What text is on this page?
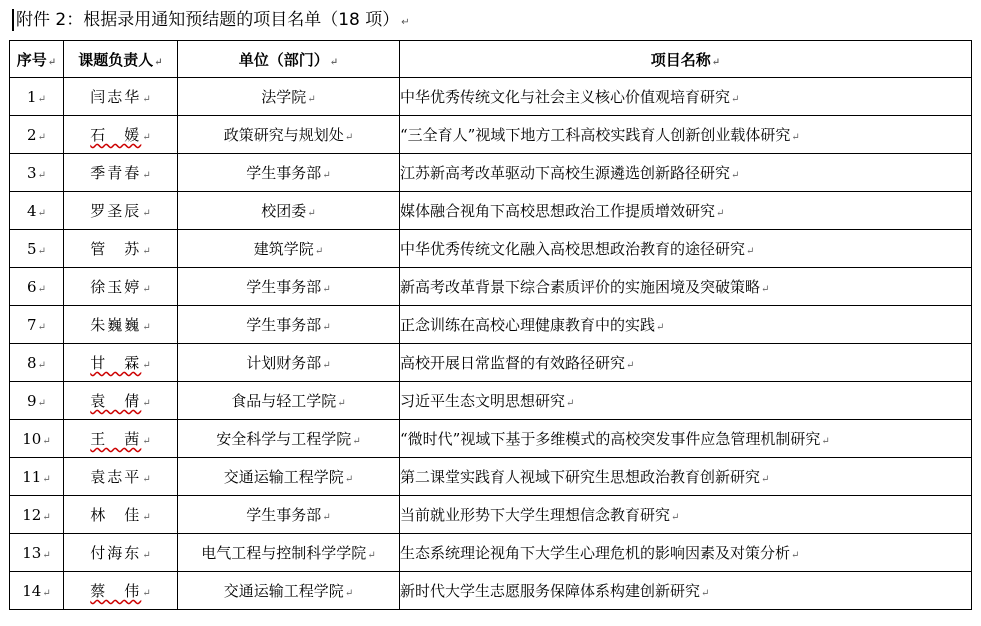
附件 2：根据录用通知预结题的项目名单（18 项） ↵
序号↵	课题负责人↵	单位（部门）↵	项目名称↵
1↵	闫志华↵	法学院↵	中华优秀传统文化与社会主义核心价值观培育研究↵
2↵	石　媛↵	政策研究与规划处↵	“三全育人”视域下地方工科高校实践育人创新创业载体研究↵
3↵	季青春↵	学生事务部↵	江苏新高考改革驱动下高校生源遴选创新路径研究↵
4↵	罗圣辰↵	校团委↵	媒体融合视角下高校思想政治工作提质增效研究↵
5↵	管　苏↵	建筑学院↵	中华优秀传统文化融入高校思想政治教育的途径研究↵
6↵	徐玉婷↵	学生事务部↵	新高考改革背景下综合素质评价的实施困境及突破策略↵
7↵	朱巍巍↵	学生事务部↵	正念训练在高校心理健康教育中的实践↵
8↵	甘　霖↵	计划财务部↵	高校开展日常监督的有效路径研究↵
9↵	袁　倩↵	食品与轻工学院↵	习近平生态文明思想研究↵
10↵	王　茜↵	安全科学与工程学院↵	“微时代”视域下基于多维模式的高校突发事件应急管理机制研究↵
11↵	袁志平↵	交通运输工程学院↵	第二课堂实践育人视域下研究生思想政治教育创新研究↵
12↵	林　佳↵	学生事务部↵	当前就业形势下大学生理想信念教育研究↵
13↵	付海东↵	电气工程与控制科学学院↵	生态系统理论视角下大学生心理危机的影响因素及对策分析↵
14↵	蔡　伟↵	交通运输工程学院↵	新时代大学生志愿服务保障体系构建创新研究↵
